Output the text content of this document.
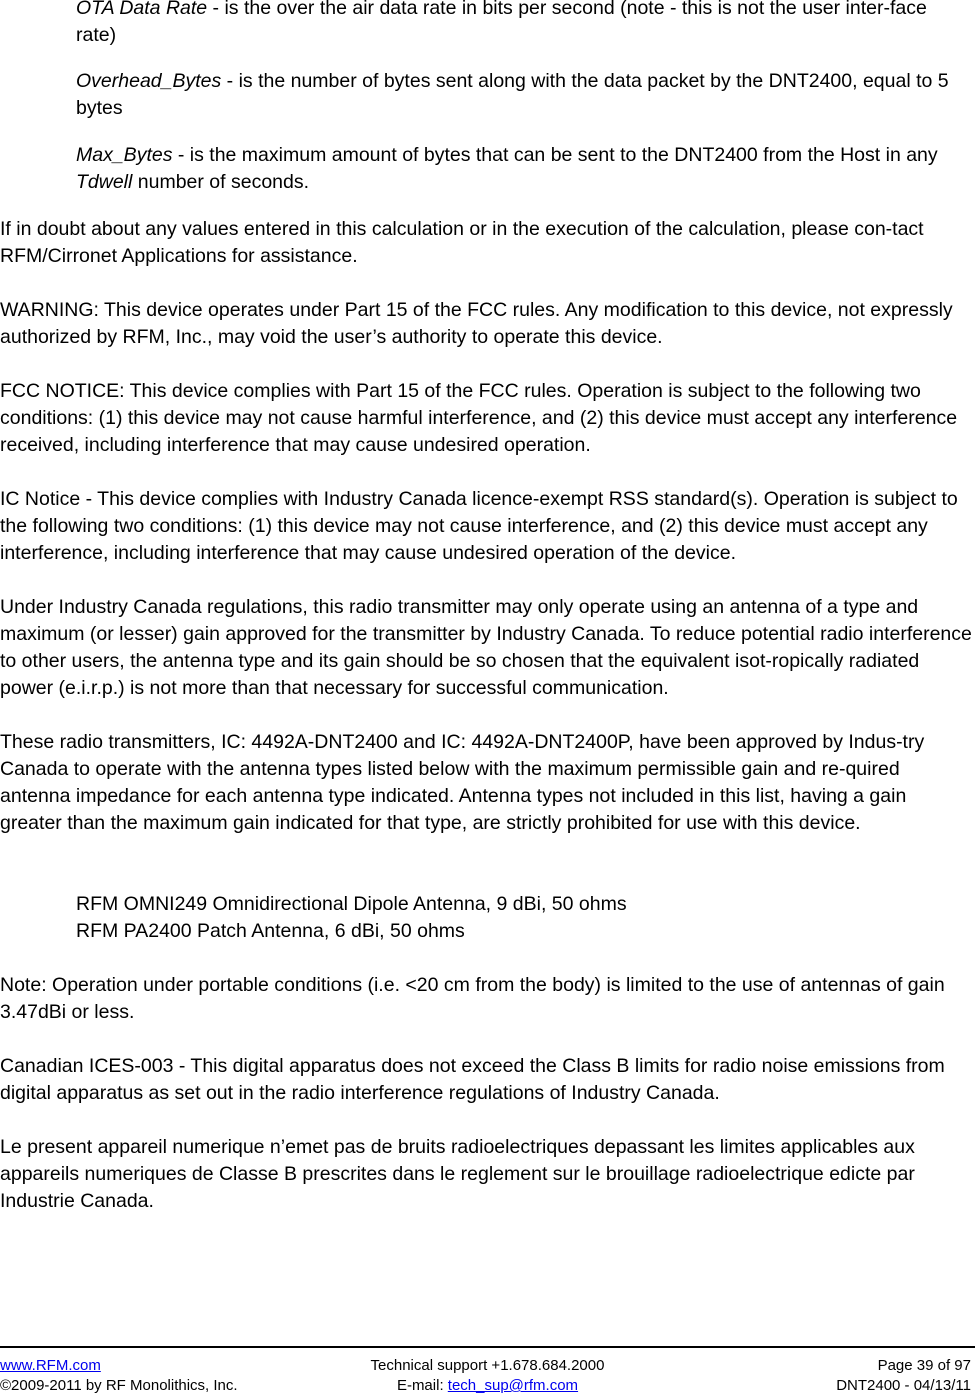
OTA Data Rate - is the over the air data rate in bits per second (note - this is not the user inter-face rate)

Overhead_Bytes - is the number of bytes sent along with the data packet by the DNT2400, equal to 5 bytes

Max_Bytes - is the maximum amount of bytes that can be sent to the DNT2400 from the Host in any Tdwell number of seconds.

If in doubt about any values entered in this calculation or in the execution of the calculation, please con-tact RFM/Cirronet Applications for assistance.

WARNING: This device operates under Part 15 of the FCC rules. Any modification to this device, not expressly authorized by RFM, Inc., may void the user’s authority to operate this device.

FCC NOTICE: This device complies with Part 15 of the FCC rules. Operation is subject to the following two conditions: (1) this device may not cause harmful interference, and (2) this device must accept any interference received, including interference that may cause undesired operation.

IC Notice - This device complies with Industry Canada licence-exempt RSS standard(s). Operation is subject to the following two conditions: (1) this device may not cause interference, and (2) this device must accept any interference, including interference that may cause undesired operation of the device.

Under Industry Canada regulations, this radio transmitter may only operate using an antenna of a type and maximum (or lesser) gain approved for the transmitter by Industry Canada. To reduce potential radio interference to other users, the antenna type and its gain should be so chosen that the equivalent isot-ropically radiated power (e.i.r.p.) is not more than that necessary for successful communication.

These radio transmitters, IC: 4492A-DNT2400 and IC: 4492A-DNT2400P, have been approved by Indus-try Canada to operate with the antenna types listed below with the maximum permissible gain and re-quired antenna impedance for each antenna type indicated. Antenna types not included in this list, having a gain greater than the maximum gain indicated for that type, are strictly prohibited for use with this device.

RFM OMNI249 Omnidirectional Dipole Antenna, 9 dBi, 50 ohms

RFM PA2400 Patch Antenna, 6 dBi, 50 ohms

Note: Operation under portable conditions (i.e. <20 cm from the body) is limited to the use of antennas of gain 3.47dBi or less.

Canadian ICES-003 - This digital apparatus does not exceed the Class B limits for radio noise emissions from digital apparatus as set out in the radio interference regulations of Industry Canada.

Le present appareil numerique n’emet pas de bruits radioelectriques depassant les limites applicables aux appareils numeriques de Classe B prescrites dans le reglement sur le brouillage radioelectrique edicte par Industrie Canada.

www.RFM.com	Technical support +1.678.684.2000	Page 39 of 97
©2009-2011 by RF Monolithics, Inc.	E-mail: tech_sup@rfm.com	DNT2400 - 04/13/11
